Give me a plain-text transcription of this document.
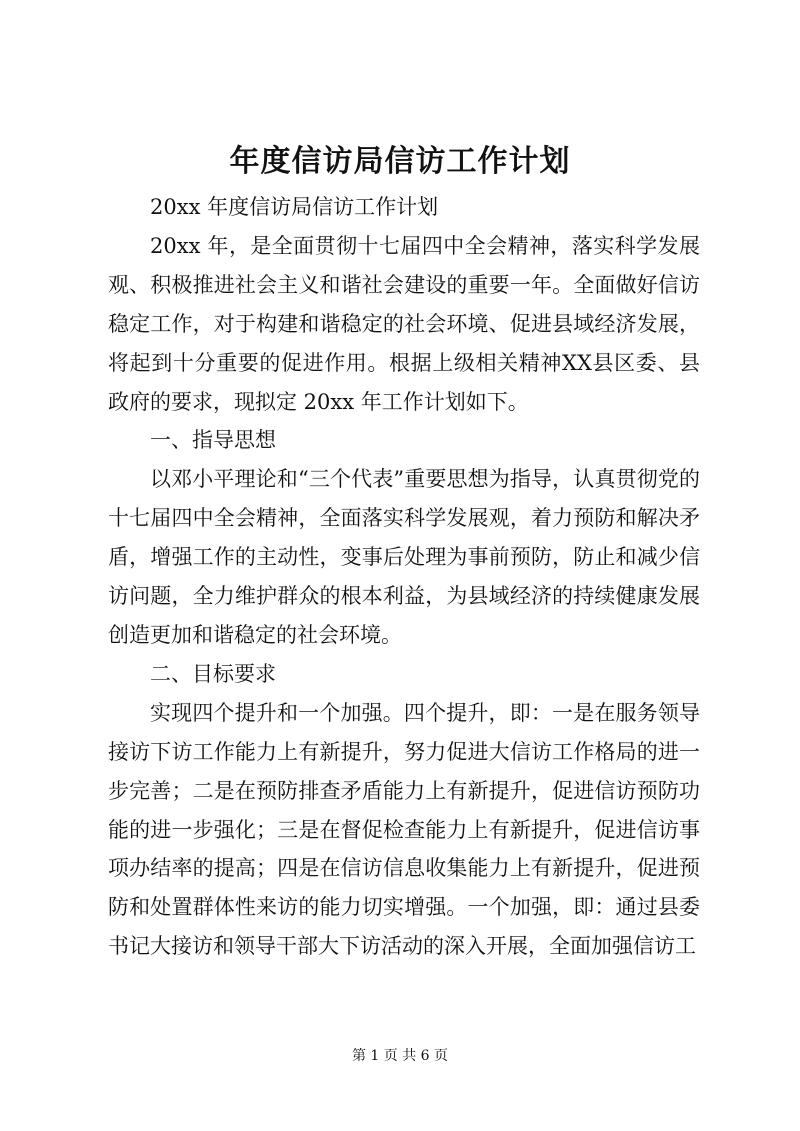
年度信访局信访工作计划

20xx 年度信访局信访工作计划

20xx 年，是全面贯彻十七届四中全会精神，落实科学发展观、积极推进社会主义和谐社会建设的重要一年。全面做好信访稳定工作，对于构建和谐稳定的社会环境、促进县域经济发展，将起到十分重要的促进作用。根据上级相关精神XX县区委、县政府的要求，现拟定 20xx 年工作计划如下。

一、指导思想

以邓小平理论和“三个代表”重要思想为指导，认真贯彻党的十七届四中全会精神，全面落实科学发展观，着力预防和解决矛盾，增强工作的主动性，变事后处理为事前预防，防止和减少信访问题，全力维护群众的根本利益，为县域经济的持续健康发展创造更加和谐稳定的社会环境。

二、目标要求

实现四个提升和一个加强。四个提升，即：一是在服务领导接访下访工作能力上有新提升，努力促进大信访工作格局的进一步完善；二是在预防排查矛盾能力上有新提升，促进信访预防功能的进一步强化；三是在督促检查能力上有新提升，促进信访事项办结率的提高；四是在信访信息收集能力上有新提升，促进预防和处置群体性来访的能力切实增强。一个加强，即：通过县委书记大接访和领导干部大下访活动的深入开展，全面加强信访工

第 1 页 共 6 页
